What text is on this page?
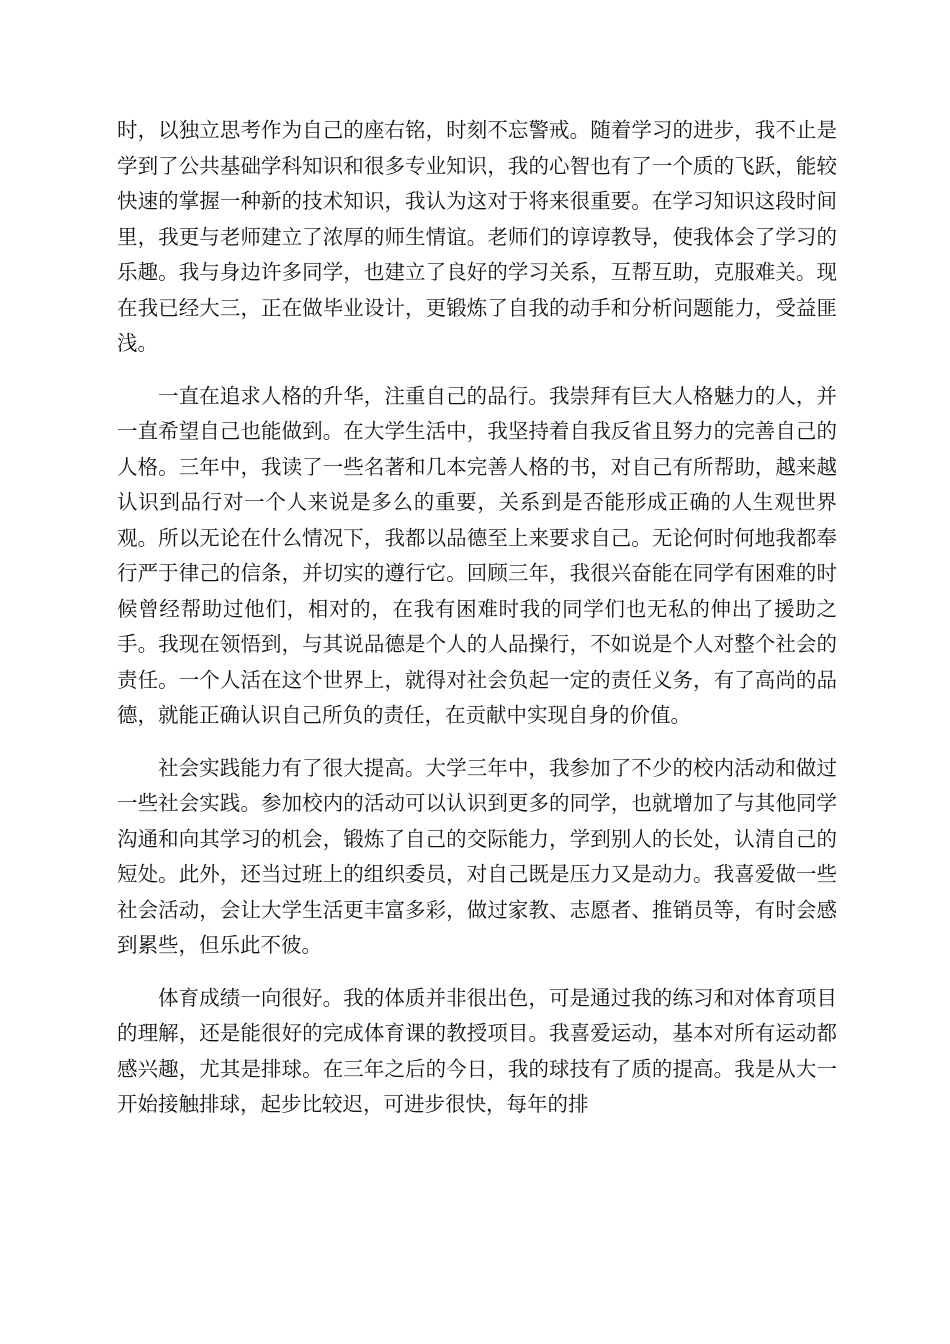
时，以独立思考作为自己的座右铭，时刻不忘警戒。随着学习的进步，我不止是学到了公共基础学科知识和很多专业知识，我的心智也有了一个质的飞跃，能较快速的掌握一种新的技术知识，我认为这对于将来很重要。在学习知识这段时间里，我更与老师建立了浓厚的师生情谊。老师们的谆谆教导，使我体会了学习的乐趣。我与身边许多同学，也建立了良好的学习关系，互帮互助，克服难关。现在我已经大三，正在做毕业设计，更锻炼了自我的动手和分析问题能力，受益匪浅。

一直在追求人格的升华，注重自己的品行。我崇拜有巨大人格魅力的人，并一直希望自己也能做到。在大学生活中，我坚持着自我反省且努力的完善自己的人格。三年中，我读了一些名著和几本完善人格的书，对自己有所帮助，越来越认识到品行对一个人来说是多么的重要，关系到是否能形成正确的人生观世界观。所以无论在什么情况下，我都以品德至上来要求自己。无论何时何地我都奉行严于律己的信条，并切实的遵行它。回顾三年，我很兴奋能在同学有困难的时候曾经帮助过他们，相对的，在我有困难时我的同学们也无私的伸出了援助之手。我现在领悟到，与其说品德是个人的人品操行，不如说是个人对整个社会的责任。一个人活在这个世界上，就得对社会负起一定的责任义务，有了高尚的品德，就能正确认识自己所负的责任，在贡献中实现自身的价值。

社会实践能力有了很大提高。大学三年中，我参加了不少的校内活动和做过一些社会实践。参加校内的活动可以认识到更多的同学，也就增加了与其他同学沟通和向其学习的机会，锻炼了自己的交际能力，学到别人的长处，认清自己的短处。此外，还当过班上的组织委员，对自己既是压力又是动力。我喜爱做一些社会活动，会让大学生活更丰富多彩，做过家教、志愿者、推销员等，有时会感到累些，但乐此不彼。

体育成绩一向很好。我的体质并非很出色，可是通过我的练习和对体育项目的理解，还是能很好的完成体育课的教授项目。我喜爱运动，基本对所有运动都感兴趣，尤其是排球。在三年之后的今日，我的球技有了质的提高。我是从大一开始接触排球，起步比较迟，可进步很快，每年的排
